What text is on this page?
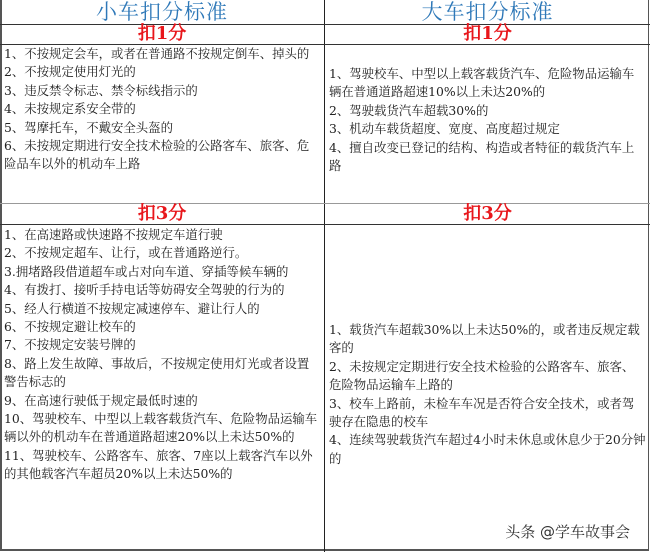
小车扣分标准
扣1分
1、不按规定会车，或者在普通路不按规定倒车、掉头的
2、不按规定使用灯光的
3、违反禁令标志、禁令标线指示的
4、未按规定系安全带的
5、驾摩托车，不戴安全头盔的
6、未按规定期进行安全技术检验的公路客车、旅客、危险品车以外的机动车上路
扣3分
1、在高速路或快速路不按规定车道行驶
2、不按规定超车、让行，或在普通路逆行。
3.拥堵路段借道超车或占对向车道、穿插等候车辆的
4、有拨打、接听手持电话等妨碍安全驾驶的行为的
5、经人行横道不按规定减速停车、避让行人的
6、不按规定避让校车的
7、不按规定安装号牌的
8、路上发生故障、事故后，不按规定使用灯光或者设置警告标志的
9、在高速行驶低于规定最低时速的
10、驾驶校车、中型以上载客载货汽车、危险物品运输车辆以外的机动车在普通道路超速20%以上未达50%的
11、驾驶校车、公路客车、旅客、7座以上载客汽车以外的其他载客汽车超员20%以上未达50%的
大车扣分标准
扣1分
1、驾驶校车、中型以上载客载货汽车、危险物品运输车辆在普通道路超速10%以上未达20%的
2、驾驶载货汽车超载30%的
3、机动车载货超度、宽度、高度超过规定
4、擅自改变已登记的结构、构造或者特征的载货汽车上路
扣3分
1、载货汽车超载30%以上未达50%的，或者违反规定载客的
2、未按规定定期进行安全技术检验的公路客车、旅客、危险物品运输车上路的
3、校车上路前，未检车车况是否符合安全技术，或者驾驶存在隐患的校车
4、连续驾驶载货汽车超过4小时未休息或休息少于20分钟的
头条 @学车故事会
